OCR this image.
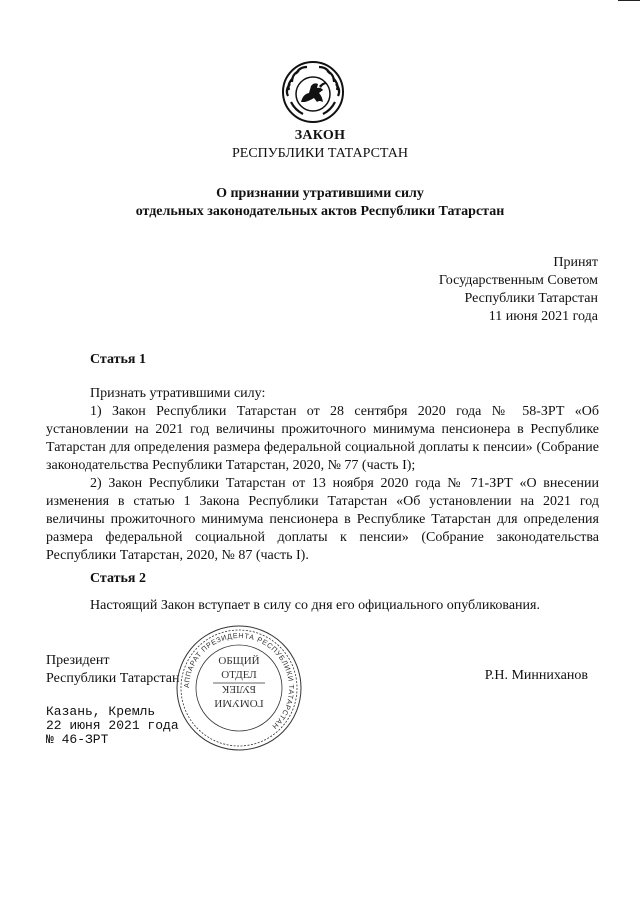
ЗАКОН
РЕСПУБЛИКИ ТАТАРСТАН
О признании утратившими силу
отдельных законодательных актов Республики Татарстан
Принят
Государственным Советом
Республики Татарстан
11 июня 2021 года
Статья 1

Признать утратившими силу:

1) Закон Республики Татарстан от 28 сентября 2020 года № 58-ЗРТ «Об установлении на 2021 год величины прожиточного минимума пенсионера в Республике Татарстан для определения размера федеральной социальной доплаты к пенсии» (Собрание законодательства Республики Татарстан, 2020, № 77 (часть I);

2) Закон Республики Татарстан от 13 ноября 2020 года № 71-ЗРТ «О внесении изменения в статью 1 Закона Республики Татарстан «Об установлении на 2021 год величины прожиточного минимума пенсионера в Республике Татарстан для определения размера федеральной социальной доплаты к пенсии» (Собрание законодательства Республики Татарстан, 2020, № 87 (часть I).

Статья 2

Настоящий Закон вступает в силу со дня его официального опубликования.

Президент
Республики Татарстан	Р.Н. Минниханов
Казань, Кремль
22 июня 2021 года
№ 46-ЗРТ
АППАРАТ ПРЕЗИДЕНТА РЕСПУБЛИКИ ТАТАРСТАН
ОБЩИЙ
ОТДЕЛ
БУЛЕК
ГОМУМИ
